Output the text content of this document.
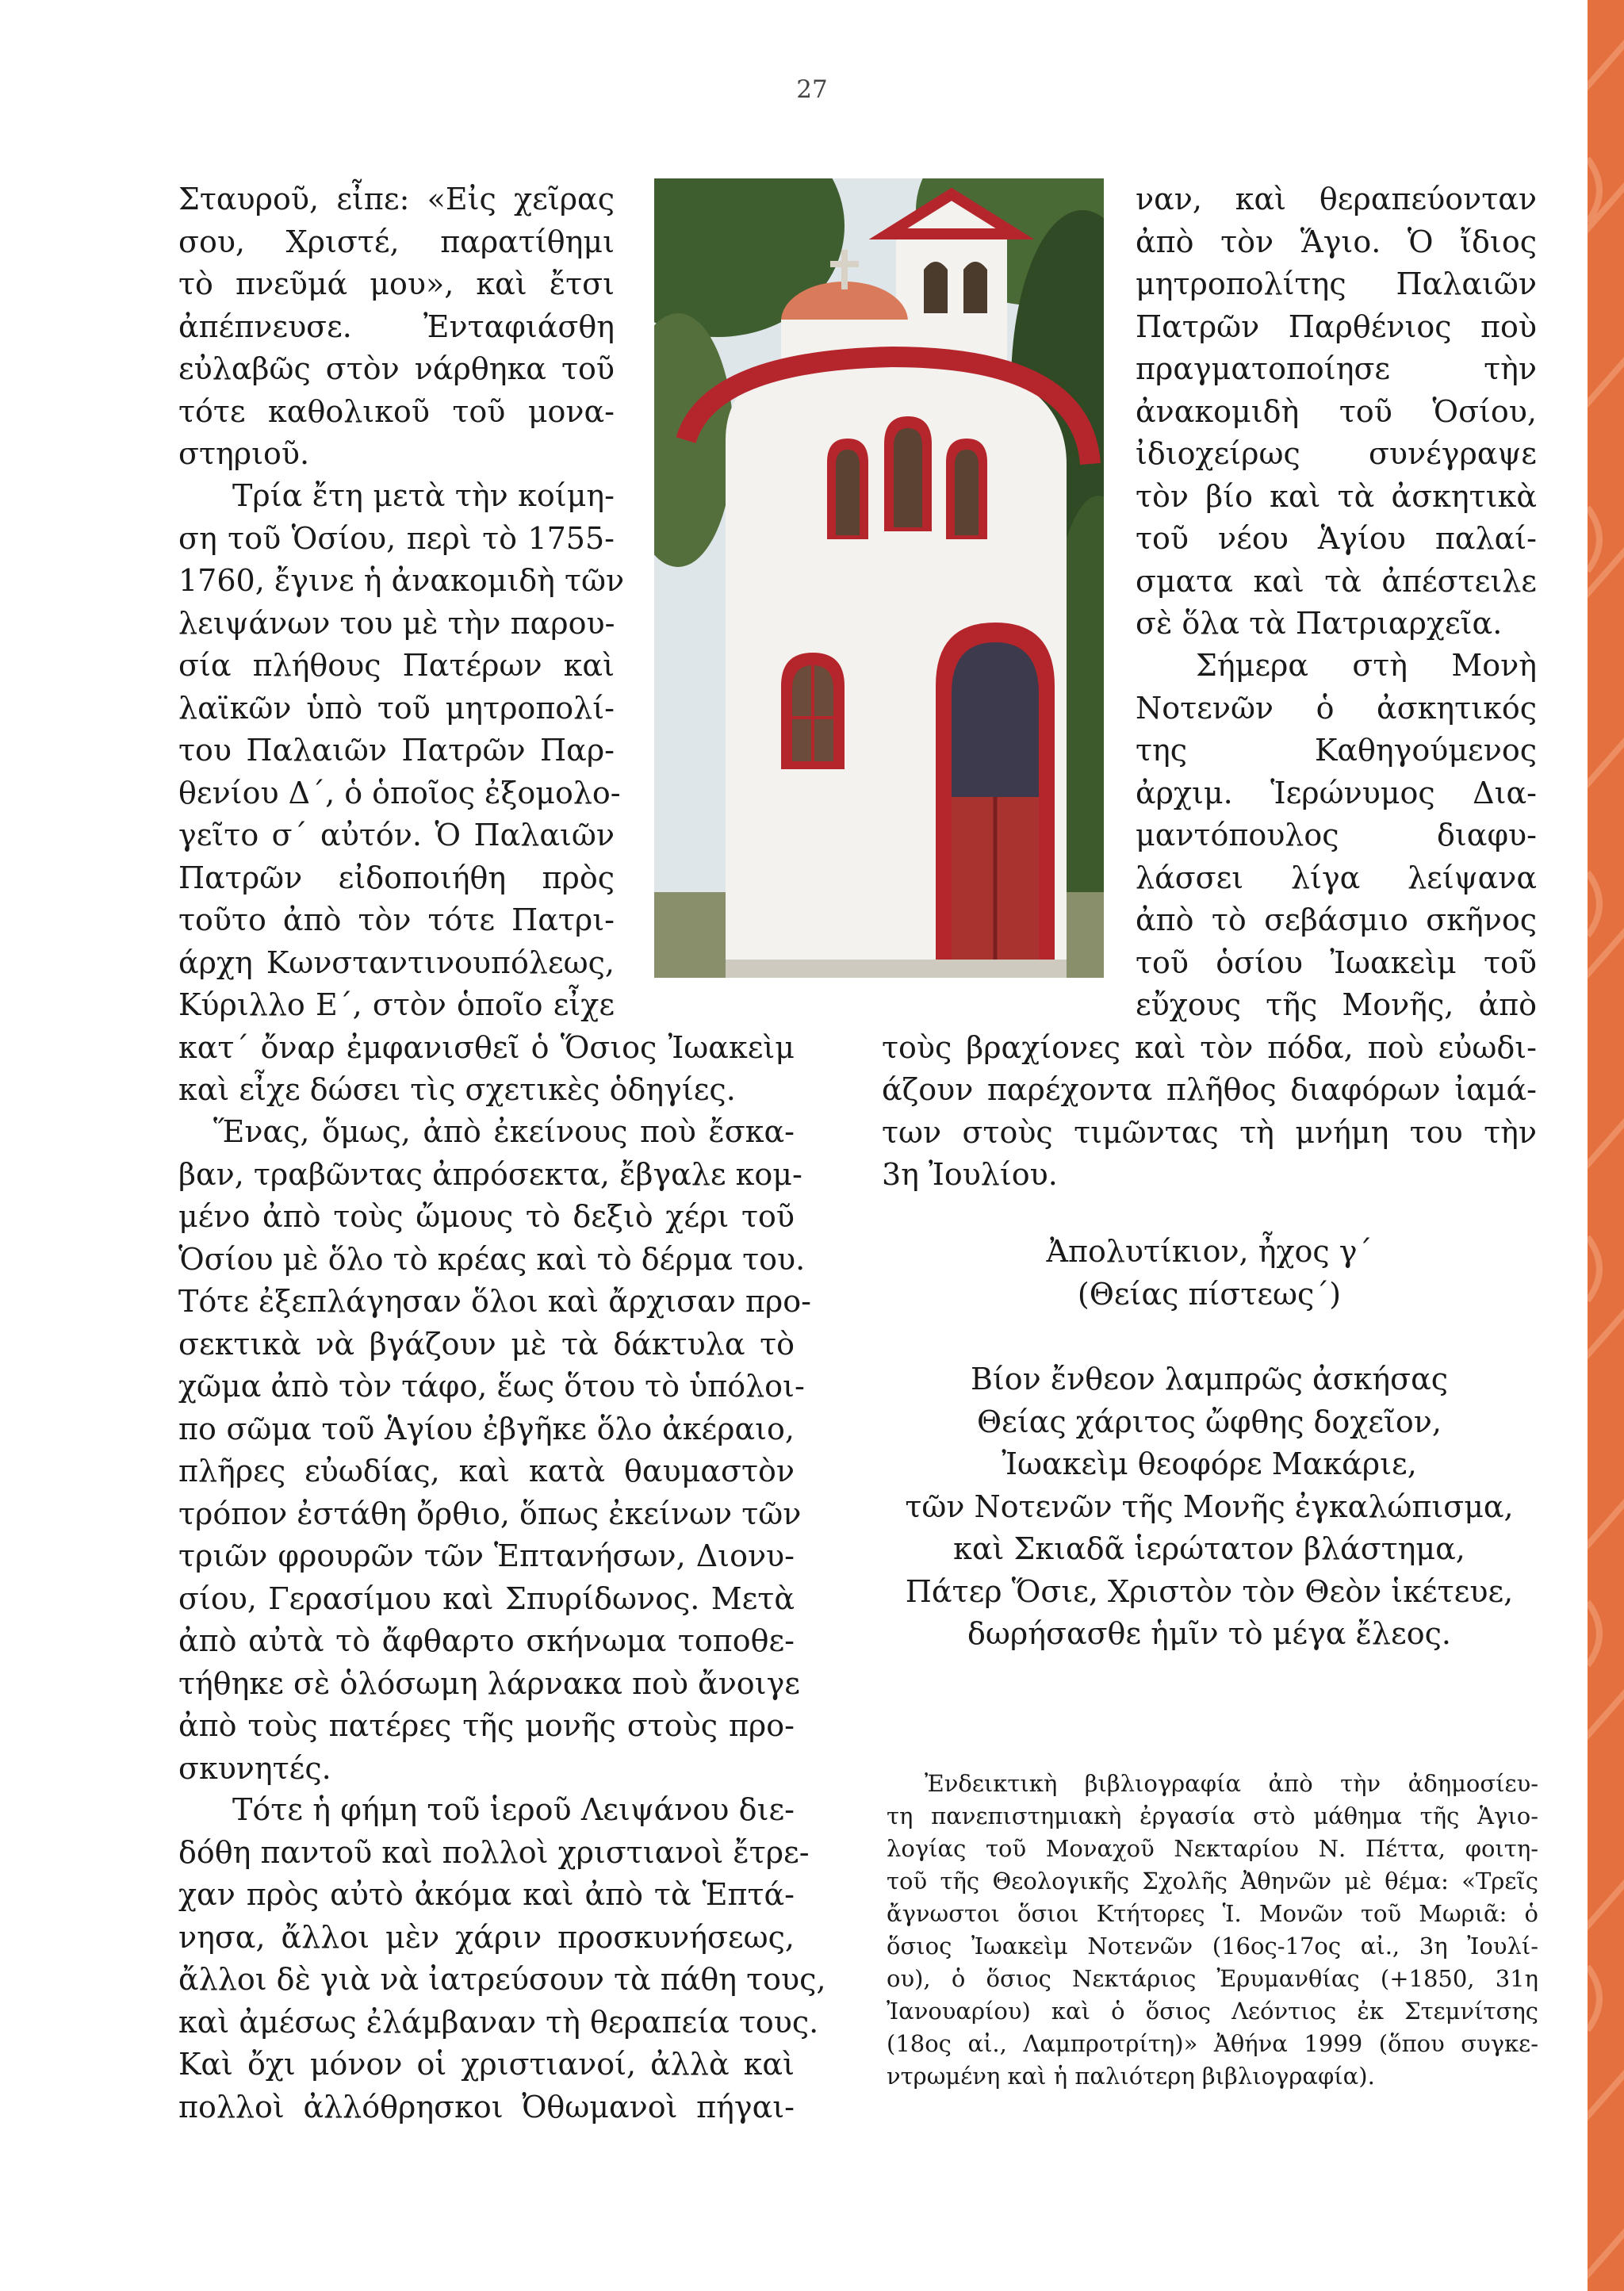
27
Σταυροῦ, εἶπε: «Εἰς χεῖρας
σου, Χριστέ, παρατίθημι
τὸ πνεῦμά μου», καὶ ἔτσι
ἀπέπνευσε. Ἐνταφιάσθη
εὐλαβῶς στὸν νάρθηκα τοῦ
τότε καθολικοῦ τοῦ μονα-
στηριοῦ.
Τρία ἔτη μετὰ τὴν κοίμη-
ση τοῦ Ὁσίου, περὶ τὸ 1755-
1760, ἔγινε ἡ ἀνακομιδὴ τῶν
λειψάνων του μὲ τὴν παρου-
σία πλήθους Πατέρων καὶ
λαϊκῶν ὑπὸ τοῦ μητροπολί-
του Παλαιῶν Πατρῶν Παρ-
θενίου Δ΄, ὁ ὁποῖος ἐξομολο-
γεῖτο σ΄ αὐτόν. Ὁ Παλαιῶν
Πατρῶν εἰδοποιήθη πρὸς
τοῦτο ἀπὸ τὸν τότε Πατρι-
άρχη Κωνσταντινουπόλεως,
Κύριλλο Ε΄, στὸν ὁποῖο εἶχε
κατ΄ ὄναρ ἐμφανισθεῖ ὁ Ὅσιος Ἰωακεὶμ
καὶ εἶχε δώσει τὶς σχετικὲς ὁδηγίες.
Ἕνας, ὅμως, ἀπὸ ἐκείνους ποὺ ἔσκα-
βαν, τραβῶντας ἀπρόσεκτα, ἔβγαλε κομ-
μένο ἀπὸ τοὺς ὤμους τὸ δεξιὸ χέρι τοῦ
Ὁσίου μὲ ὅλο τὸ κρέας καὶ τὸ δέρμα του.
Τότε ἐξεπλάγησαν ὅλοι καὶ ἄρχισαν προ-
σεκτικὰ νὰ βγάζουν μὲ τὰ δάκτυλα τὸ
χῶμα ἀπὸ τὸν τάφο, ἕως ὅτου τὸ ὑπόλοι-
πο σῶμα τοῦ Ἁγίου ἐβγῆκε ὅλο ἀκέραιο,
πλῆρες εὐωδίας, καὶ κατὰ θαυμαστὸν
τρόπον ἐστάθη ὄρθιο, ὅπως ἐκείνων τῶν
τριῶν φρουρῶν τῶν Ἑπτανήσων, Διονυ-
σίου, Γερασίμου καὶ Σπυρίδωνος. Μετὰ
ἀπὸ αὐτὰ τὸ ἄφθαρτο σκήνωμα τοποθε-
τήθηκε σὲ ὁλόσωμη λάρνακα ποὺ ἄνοιγε
ἀπὸ τοὺς πατέρες τῆς μονῆς στοὺς προ-
σκυνητές.
Τότε ἡ φήμη τοῦ ἱεροῦ Λειψάνου διε-
δόθη παντοῦ καὶ πολλοὶ χριστιανοὶ ἔτρε-
χαν πρὸς αὐτὸ ἀκόμα καὶ ἀπὸ τὰ Ἑπτά-
νησα, ἄλλοι μὲν χάριν προσκυνήσεως,
ἄλλοι δὲ γιὰ νὰ ἰατρεύσουν τὰ πάθη τους,
καὶ ἀμέσως ἐλάμβαναν τὴ θεραπεία τους.
Καὶ ὄχι μόνον οἱ χριστιανοί, ἀλλὰ καὶ
πολλοὶ ἀλλόθρησκοι Ὀθωμανοὶ πήγαι-
ναν, καὶ θεραπεύονταν
ἀπὸ τὸν Ἅγιο. Ὁ ἴδιος
μητροπολίτης Παλαιῶν
Πατρῶν Παρθένιος ποὺ
πραγματοποίησε τὴν
ἀνακομιδὴ τοῦ Ὁσίου,
ἰδιοχείρως συνέγραψε
τὸν βίο καὶ τὰ ἀσκητικὰ
τοῦ νέου Ἁγίου παλαί-
σματα καὶ τὰ ἀπέστειλε
σὲ ὅλα τὰ Πατριαρχεῖα.
Σήμερα στὴ Μονὴ
Νοτενῶν ὁ ἀσκητικός
της Καθηγούμενος
ἀρχιμ. Ἱερώνυμος Δια-
μαντόπουλος διαφυ-
λάσσει λίγα λείψανα
ἀπὸ τὸ σεβάσμιο σκῆνος
τοῦ ὁσίου Ἰωακεὶμ τοῦ
εὔχους τῆς Μονῆς, ἀπὸ
τοὺς βραχίονες καὶ τὸν πόδα, ποὺ εὐωδι-
άζουν παρέχοντα πλῆθος διαφόρων ἰαμά-
των στοὺς τιμῶντας τὴ μνήμη του τὴν
3η Ἰουλίου.
Ἀπολυτίκιον, ἦχος γ΄
(Θείας πίστεως΄)
Βίον ἔνθεον λαμπρῶς ἀσκήσας
Θείας χάριτος ὤφθης δοχεῖον,
Ἰωακεὶμ θεοφόρε Μακάριε,
τῶν Νοτενῶν τῆς Μονῆς ἐγκαλώπισμα,
καὶ Σκιαδᾶ ἱερώτατον βλάστημα,
Πάτερ Ὅσιε, Χριστὸν τὸν Θεὸν ἱκέτευε,
δωρήσασθε ἡμῖν τὸ μέγα ἔλεος.
Ἐνδεικτικὴ βιβλιογραφία ἀπὸ τὴν ἀδημοσίευ-
τη πανεπιστημιακὴ ἐργασία στὸ μάθημα τῆς Ἁγιο-
λογίας τοῦ Μοναχοῦ Νεκταρίου Ν. Πέττα, φοιτη-
τοῦ τῆς Θεολογικῆς Σχολῆς Ἀθηνῶν μὲ θέμα: «Τρεῖς
ἄγνωστοι ὅσιοι Κτήτορες Ἱ. Μονῶν τοῦ Μωριᾶ: ὁ
ὅσιος Ἰωακεὶμ Νοτενῶν (16ος-17ος αἰ., 3η Ἰουλί-
ου), ὁ ὅσιος Νεκτάριος Ἐρυμανθίας (+1850, 31η
Ἰανουαρίου) καὶ ὁ ὅσιος Λεόντιος ἐκ Στεμνίτσης
(18ος αἰ., Λαμπροτρίτη)» Ἀθήνα 1999 (ὅπου συγκε-
ντρωμένη καὶ ἡ παλιότερη βιβλιογραφία).
